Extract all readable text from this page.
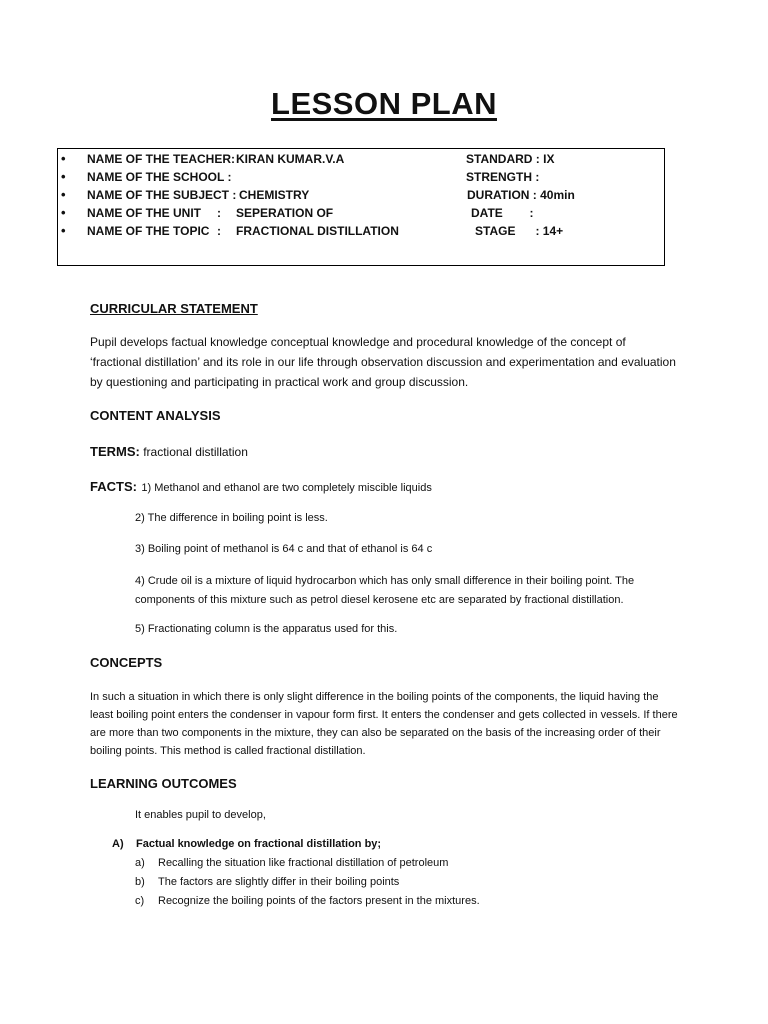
LESSON PLAN
• NAME OF THE TEACHER: KIRAN KUMAR.V.A	STANDARD : IX
• NAME OF THE SCHOOL :	STRENGTH :
• NAME OF THE SUBJECT : CHEMISTRY	DURATION : 40min
• NAME OF THE UNIT : SEPERATION OF	DATE        :
• NAME OF THE TOPIC : FRACTIONAL DISTILLATION	STAGE      : 14+
CURRICULAR STATEMENT
Pupil develops factual knowledge conceptual knowledge and procedural knowledge of the concept of ‘fractional distillation’ and its role in our life through observation discussion and experimentation and evaluation by questioning and participating in practical work and group discussion.
CONTENT ANALYSIS
TERMS: fractional distillation
FACTS: 1) Methanol and ethanol are two completely miscible liquids
2) The difference in boiling point is less.
3) Boiling point of methanol is 64 c and that of ethanol is 64 c
4) Crude oil is a mixture of liquid hydrocarbon which has only small difference in their boiling point. The components of this mixture such as petrol diesel kerosene etc are separated by fractional distillation.
5) Fractionating column is the apparatus used for this.
CONCEPTS
In such a situation in which there is only slight difference in the boiling points of the components, the liquid having the least boiling point enters the condenser in vapour form first. It enters the condenser and gets collected in vessels. If there are more than two components in the mixture, they can also be separated on the basis of the increasing order of their boiling points. This method is called fractional distillation.
LEARNING OUTCOMES
It enables pupil to develop,
A) Factual knowledge on fractional distillation by;
a) Recalling the situation like fractional distillation of petroleum
b) The factors are slightly differ in their boiling points
c) Recognize the boiling points of the factors present in the mixtures.
